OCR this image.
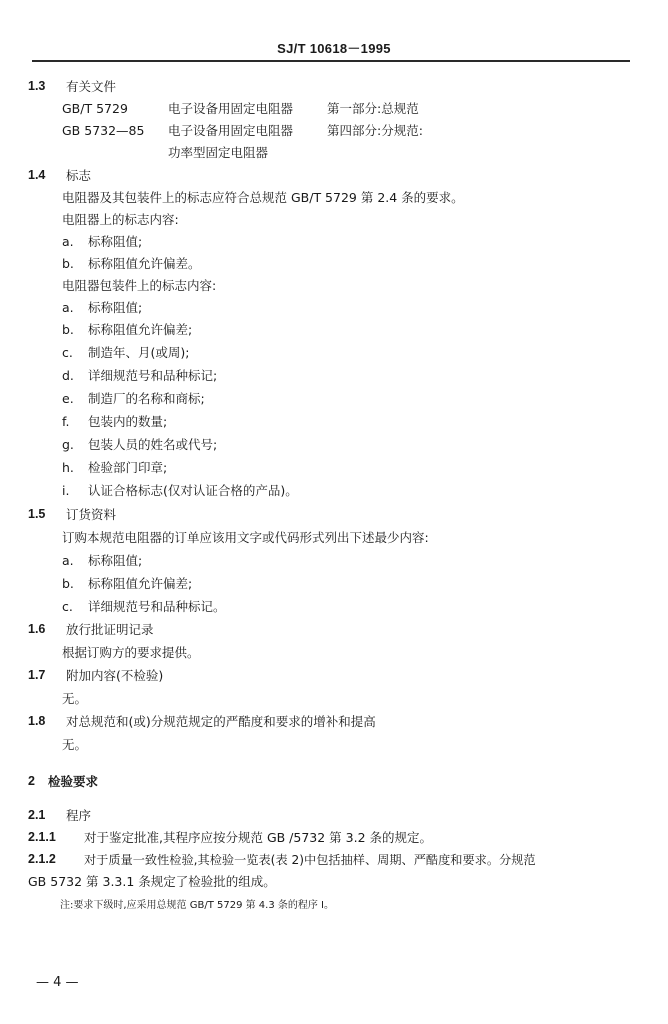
SJ/T 10618－1995
1.3 有关文件
GB/T 5729	电子设备用固定电阻器	第一部分:总规范
GB 5732—85 电子设备用固定电阻器	第四部分:分规范:
功率型固定电阻器
1.4 标志
电阻器及其包装件上的标志应符合总规范 GB/T 5729 第 2.4 条的要求。
电阻器上的标志内容:
a. 标称阻值;
b. 标称阻值允许偏差。
电阻器包装件上的标志内容:
a. 标称阻值;
b. 标称阻值允许偏差;
c. 制造年、月(或周);
d. 详细规范号和品种标记;
e. 制造厂的名称和商标;
f. 包装内的数量;
g. 包装人员的姓名或代号;
h. 检验部门印章;
i. 认证合格标志(仅对认证合格的产品)。
1.5 订货资料
订购本规范电阻器的订单应该用文字或代码形式列出下述最少内容:
a. 标称阻值;
b. 标称阻值允许偏差;
c. 详细规范号和品种标记。
1.6 放行批证明记录
根据订购方的要求提供。
1.7 附加内容(不检验)
无。
1.8 对总规范和(或)分规范规定的严酷度和要求的增补和提高
无。
2 检验要求
2.1 程序
2.1.1 对于鉴定批准,其程序应按分规范 GB /5732 第 3.2 条的规定。
2.1.2 对于质量一致性检验,其检验一览表(表 2)中包括抽样、周期、严酷度和要求。分规范
GB 5732 第 3.3.1 条规定了检验批的组成。
注:要求下级时,应采用总规范 GB/T 5729 第 4.3 条的程序 I。
— 4 —
